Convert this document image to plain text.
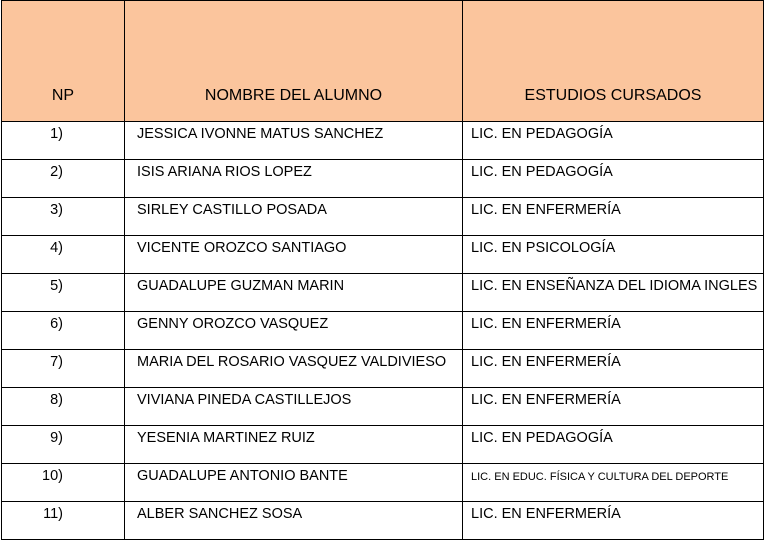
NP	NOMBRE DEL ALUMNO	ESTUDIOS CURSADOS
1)	JESSICA IVONNE MATUS SANCHEZ	LIC. EN PEDAGOGÍA
2)	ISIS ARIANA RIOS LOPEZ	LIC. EN PEDAGOGÍA
3)	SIRLEY CASTILLO POSADA	LIC. EN ENFERMERÍA
4)	VICENTE OROZCO SANTIAGO	LIC. EN PSICOLOGÍA
5)	GUADALUPE GUZMAN MARIN	LIC. EN ENSEÑANZA DEL IDIOMA INGLES
6)	GENNY OROZCO VASQUEZ	LIC. EN ENFERMERÍA
7)	MARIA DEL ROSARIO VASQUEZ VALDIVIESO	LIC. EN ENFERMERÍA
8)	VIVIANA PINEDA CASTILLEJOS	LIC. EN ENFERMERÍA
9)	YESENIA MARTINEZ RUIZ	LIC. EN PEDAGOGÍA
10)	GUADALUPE ANTONIO BANTE	LIC. EN EDUC. FÍSICA Y CULTURA DEL DEPORTE
11)	ALBER SANCHEZ SOSA	LIC. EN ENFERMERÍA
